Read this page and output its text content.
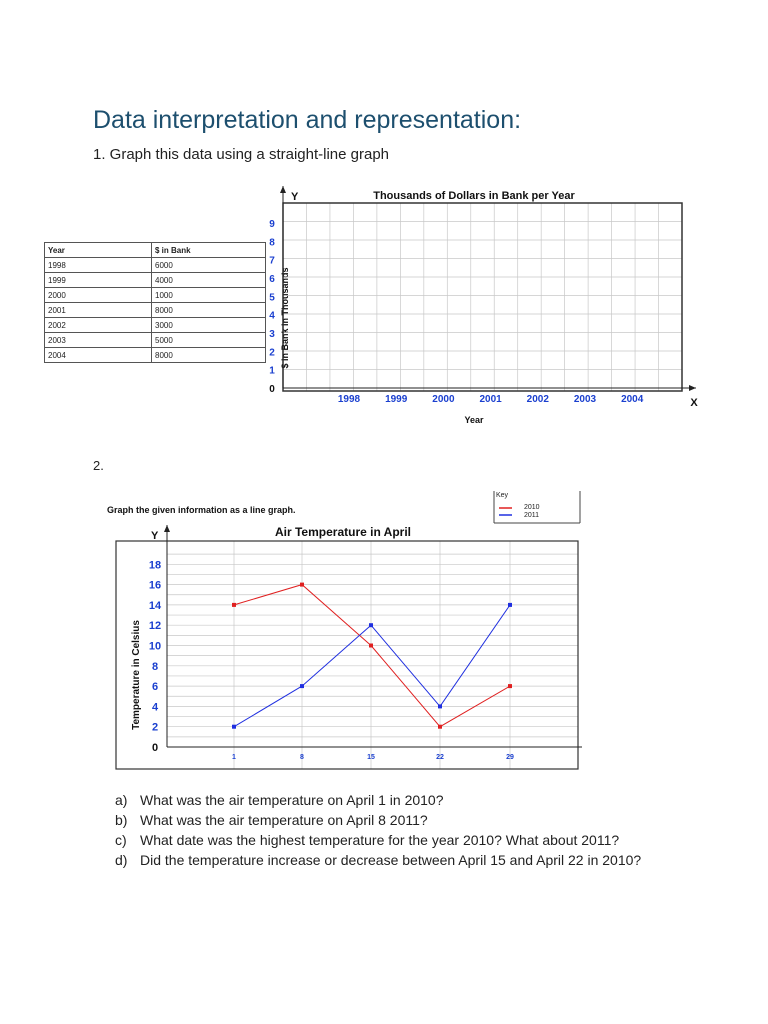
Data interpretation and representation:
1. Graph this data using a straight-line graph
Year	$ in Bank
1998	6000
1999	4000
2000	1000
2001	8000
2002	3000
2003	5000
2004	8000
Thousands of Dollars in Bank per Year
Y
X
Year
$ in Bank in Thousands
0
1
2
3
4
5
6
7
8
9
1998 1999 2000 2001 2002 2003 2004
2.
Graph the given information as a line graph.
Air Temperature in April
Y
Temperature in Celsius
Key
2010
2011
0
2
4
6
8
10
12
14
16
18
1	8	15	22	29
a) What was the air temperature on April 1 in 2010?
b) What was the air temperature on April 8 2011?
c) What date was the highest temperature for the year 2010? What about 2011?
d) Did the temperature increase or decrease between April 15 and April 22 in 2010?
